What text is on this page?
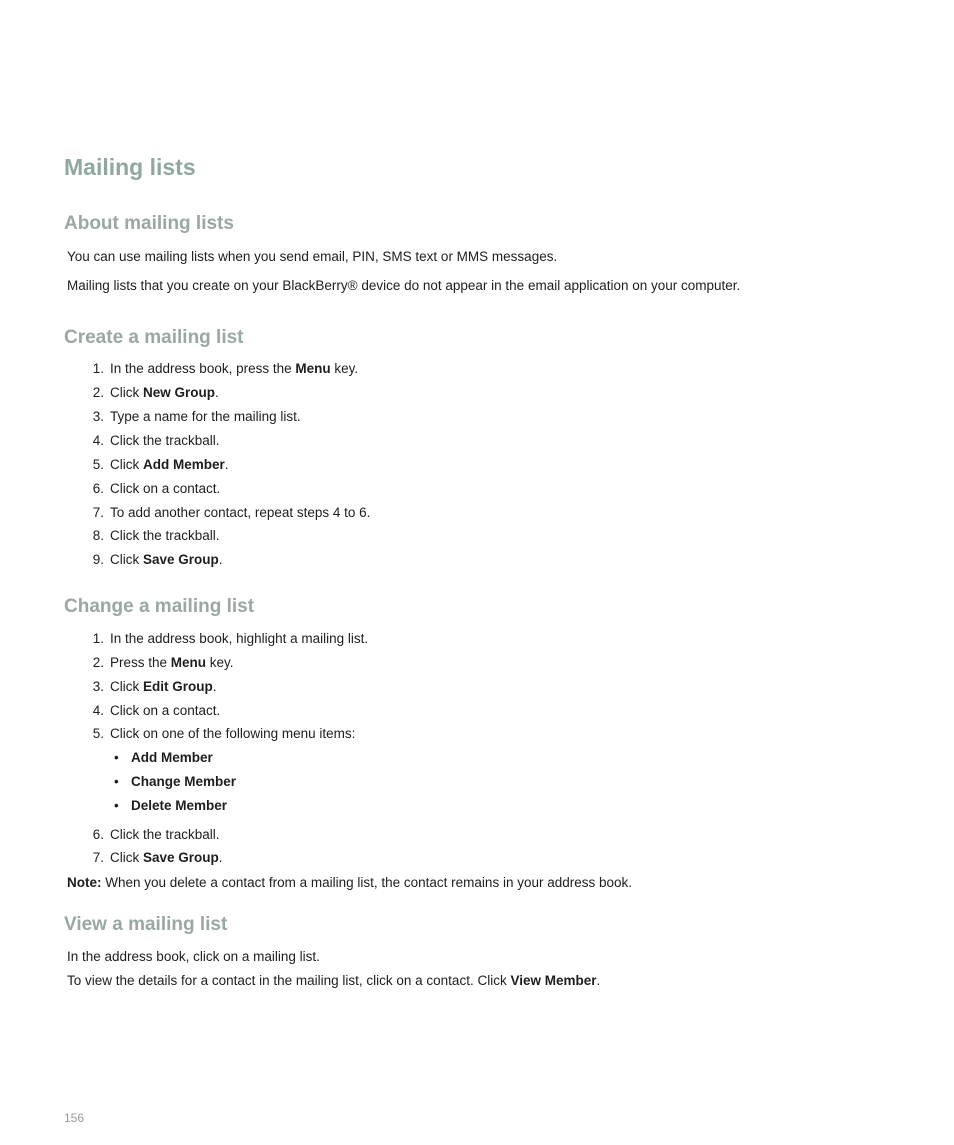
Mailing lists
About mailing lists

You can use mailing lists when you send email, PIN, SMS text or MMS messages.

Mailing lists that you create on your BlackBerry® device do not appear in the email application on your computer.

Create a mailing list

1. In the address book, press the Menu key.

2. Click New Group.

3. Type a name for the mailing list.

4. Click the trackball.

5. Click Add Member.

6. Click on a contact.

7. To add another contact, repeat steps 4 to 6.

8. Click the trackball.

9. Click Save Group.

Change a mailing list

1. In the address book, highlight a mailing list.

2. Press the Menu key.

3. Click Edit Group.

4. Click on a contact.

5. Click on one of the following menu items:

• Add Member

• Change Member

• Delete Member

6. Click the trackball.

7. Click Save Group.

Note: When you delete a contact from a mailing list, the contact remains in your address book.

View a mailing list

In the address book, click on a mailing list.

To view the details for a contact in the mailing list, click on a contact. Click View Member.

156
